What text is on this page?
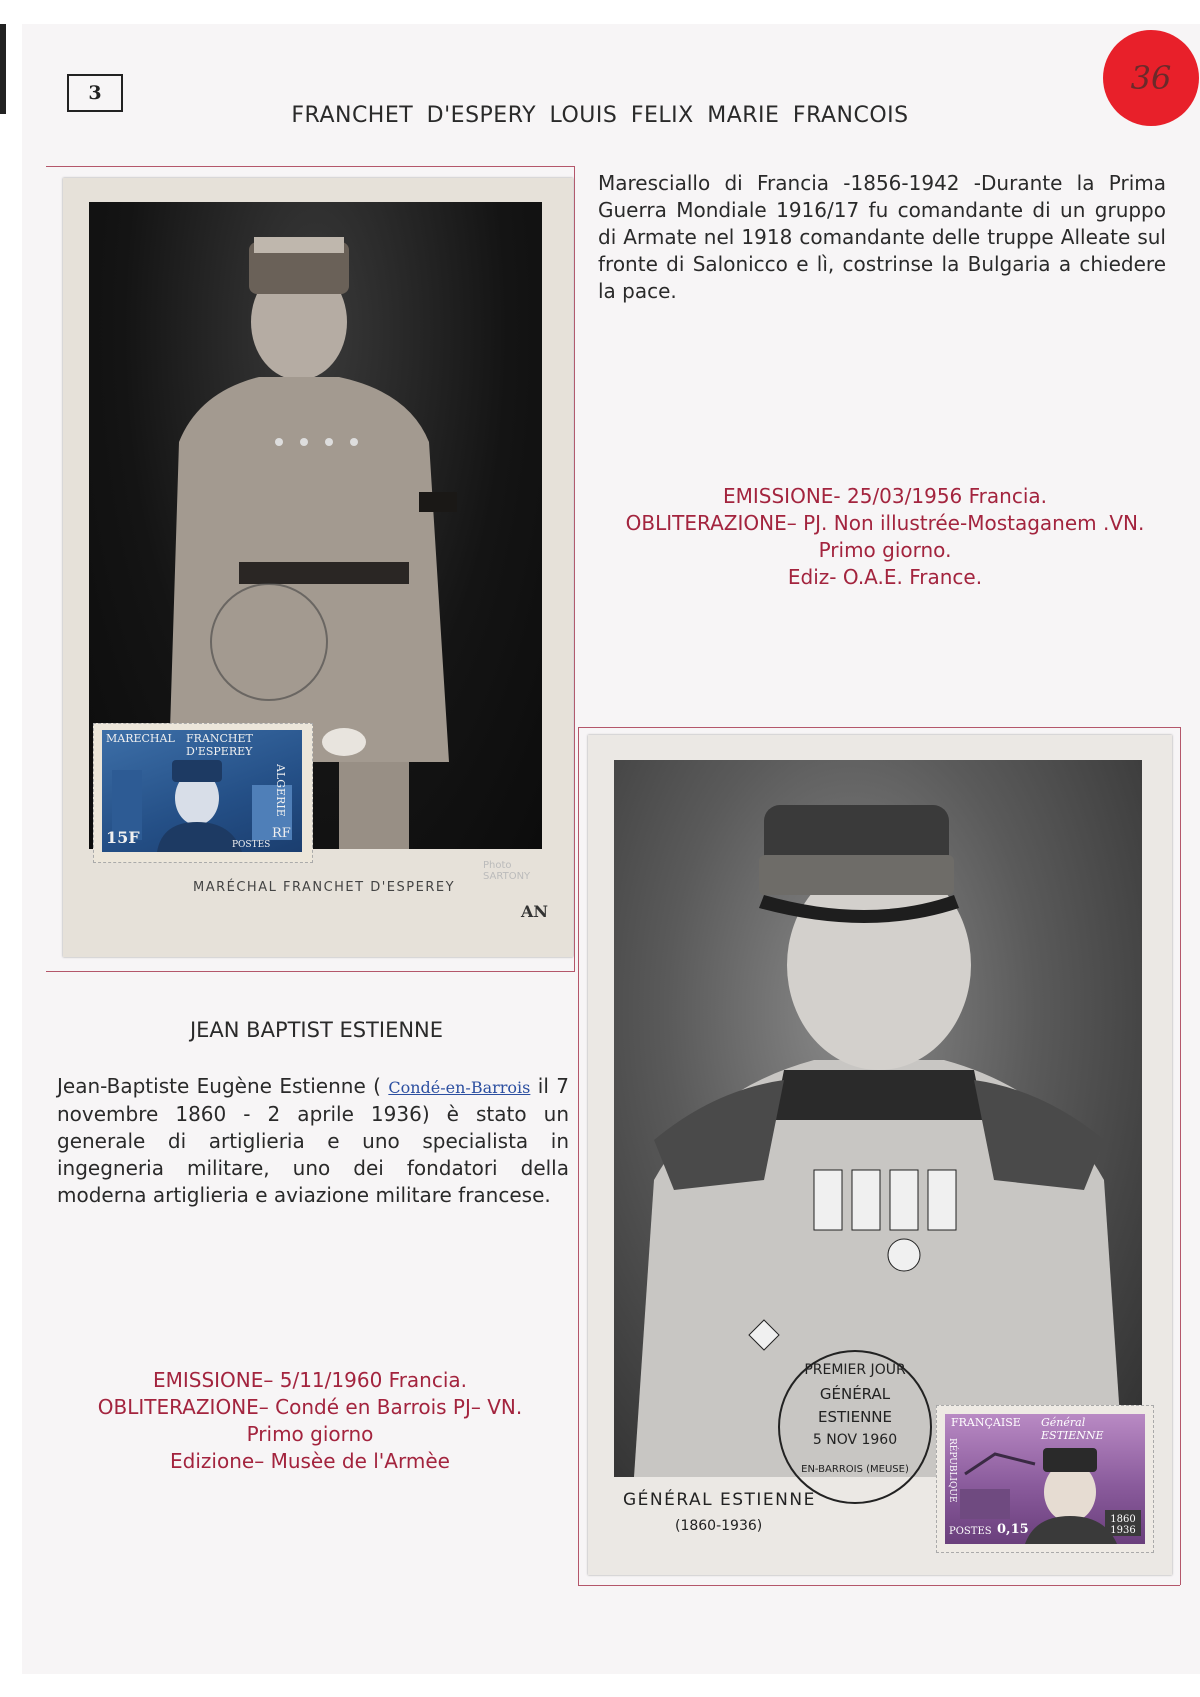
3
FRANCHET D'ESPERY LOUIS FELIX MARIE FRANCOIS
36
Maresciallo di Francia -1856-1942 -Durante la Prima Guerra Mondiale 1916/17 fu comandante di un gruppo di Armate nel 1918 comandante delle truppe Alleate sul fronte di Salonicco e lì, costrinse la Bulgaria a chiedere la pace.
EMISSIONE- 25/03/1956 Francia.
OBLITERAZIONE– PJ. Non illustrée-Mostaganem .VN.
Primo giorno.
Ediz- O.A.E. France.
Photo SARTONY
MARECHAL FRANCHET D'ESPEREY
ALGERIE
15F	RF
POSTES
MARÉCHAL FRANCHET D'ESPEREY
AN
JEAN BAPTIST ESTIENNE
Jean-Baptiste Eugène Estienne ( Condé-en-Barrois il 7 novembre 1860 - 2 aprile 1936) è stato un generale di artiglieria e uno specialista in ingegneria militare, uno dei fondatori della moderna artiglieria e aviazione militare francese.
EMISSIONE– 5/11/1960 Francia.
OBLITERAZIONE– Condé en Barrois PJ– VN.
Primo giorno
Edizione– Musèe de l'Armèe
PREMIER JOUR
GÉNÉRAL
ESTIENNE
5 NOV 1960
EN-BARROIS (MEUSE)
FRANÇAISE Général ESTIENNE
RÉPUBLIQUE
POSTES 0,15
1860 1936
GÉNÉRAL ESTIENNE
(1860-1936)
